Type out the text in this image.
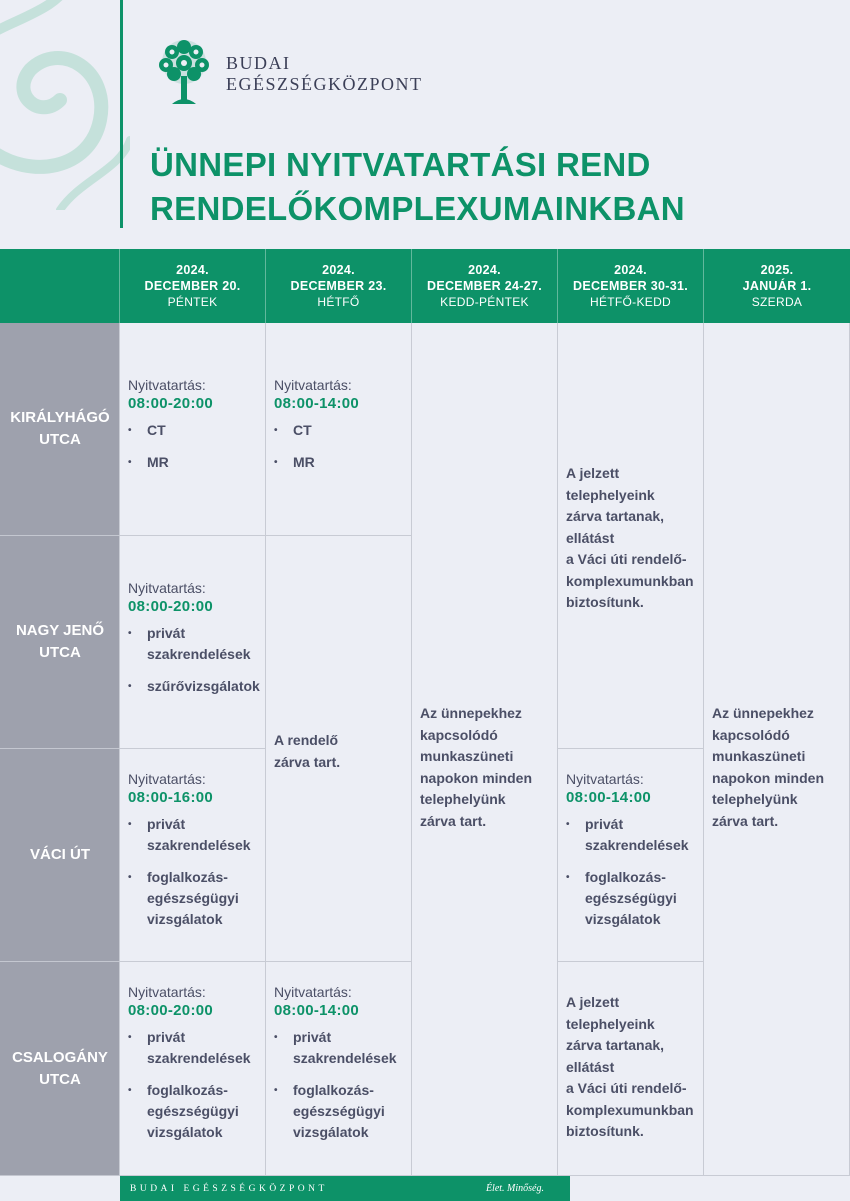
BUDAI
EGÉSZSÉGKÖZPONT
ÜNNEPI NYITVATARTÁSI REND
RENDELŐKOMPLEXUMAINKBAN
2024.
DECEMBER 20.
PÉNTEK
2024.
DECEMBER 23.
HÉTFŐ
2024.
DECEMBER 24-27.
KEDD-PÉNTEK
2024.
DECEMBER 30-31.
HÉTFŐ-KEDD
2025.
JANUÁR 1.
SZERDA
KIRÁLYHÁGÓ
UTCA
NAGY JENŐ
UTCA
VÁCI ÚT
CSALOGÁNY
UTCA
Nyitvatartás:
08:00-20:00
• CT
• MR
Nyitvatartás:
08:00-20:00
• privát szakrendelések
• szűrővizsgálatok
Nyitvatartás:
08:00-16:00
• privát szakrendelések
• foglalkozás-egészségügyi vizsgálatok
Nyitvatartás:
08:00-20:00
• privát szakrendelések
• foglalkozás-egészségügyi vizsgálatok
Nyitvatartás:
08:00-14:00
• CT
• MR
A rendelő
zárva tart.
Nyitvatartás:
08:00-14:00
• privát szakrendelések
• foglalkozás-egészségügyi vizsgálatok
Az ünnepekhez
kapcsolódó
munkaszüneti
napokon minden
telephelyünk
zárva tart.
A jelzett
telephelyeink
zárva tartanak,
ellátást
a Váci úti rendelő-
komplexumunkban
biztosítunk.
Nyitvatartás:
08:00-14:00
• privát szakrendelések
• foglalkozás-egészségügyi vizsgálatok
A jelzett
telephelyeink
zárva tartanak,
ellátást
a Váci úti rendelő-
komplexumunkban
biztosítunk.
Az ünnepekhez
kapcsolódó
munkaszüneti
napokon minden
telephelyünk
zárva tart.
BUDAI EGÉSZSÉGKÖZPONT	Élet. Minőség.
